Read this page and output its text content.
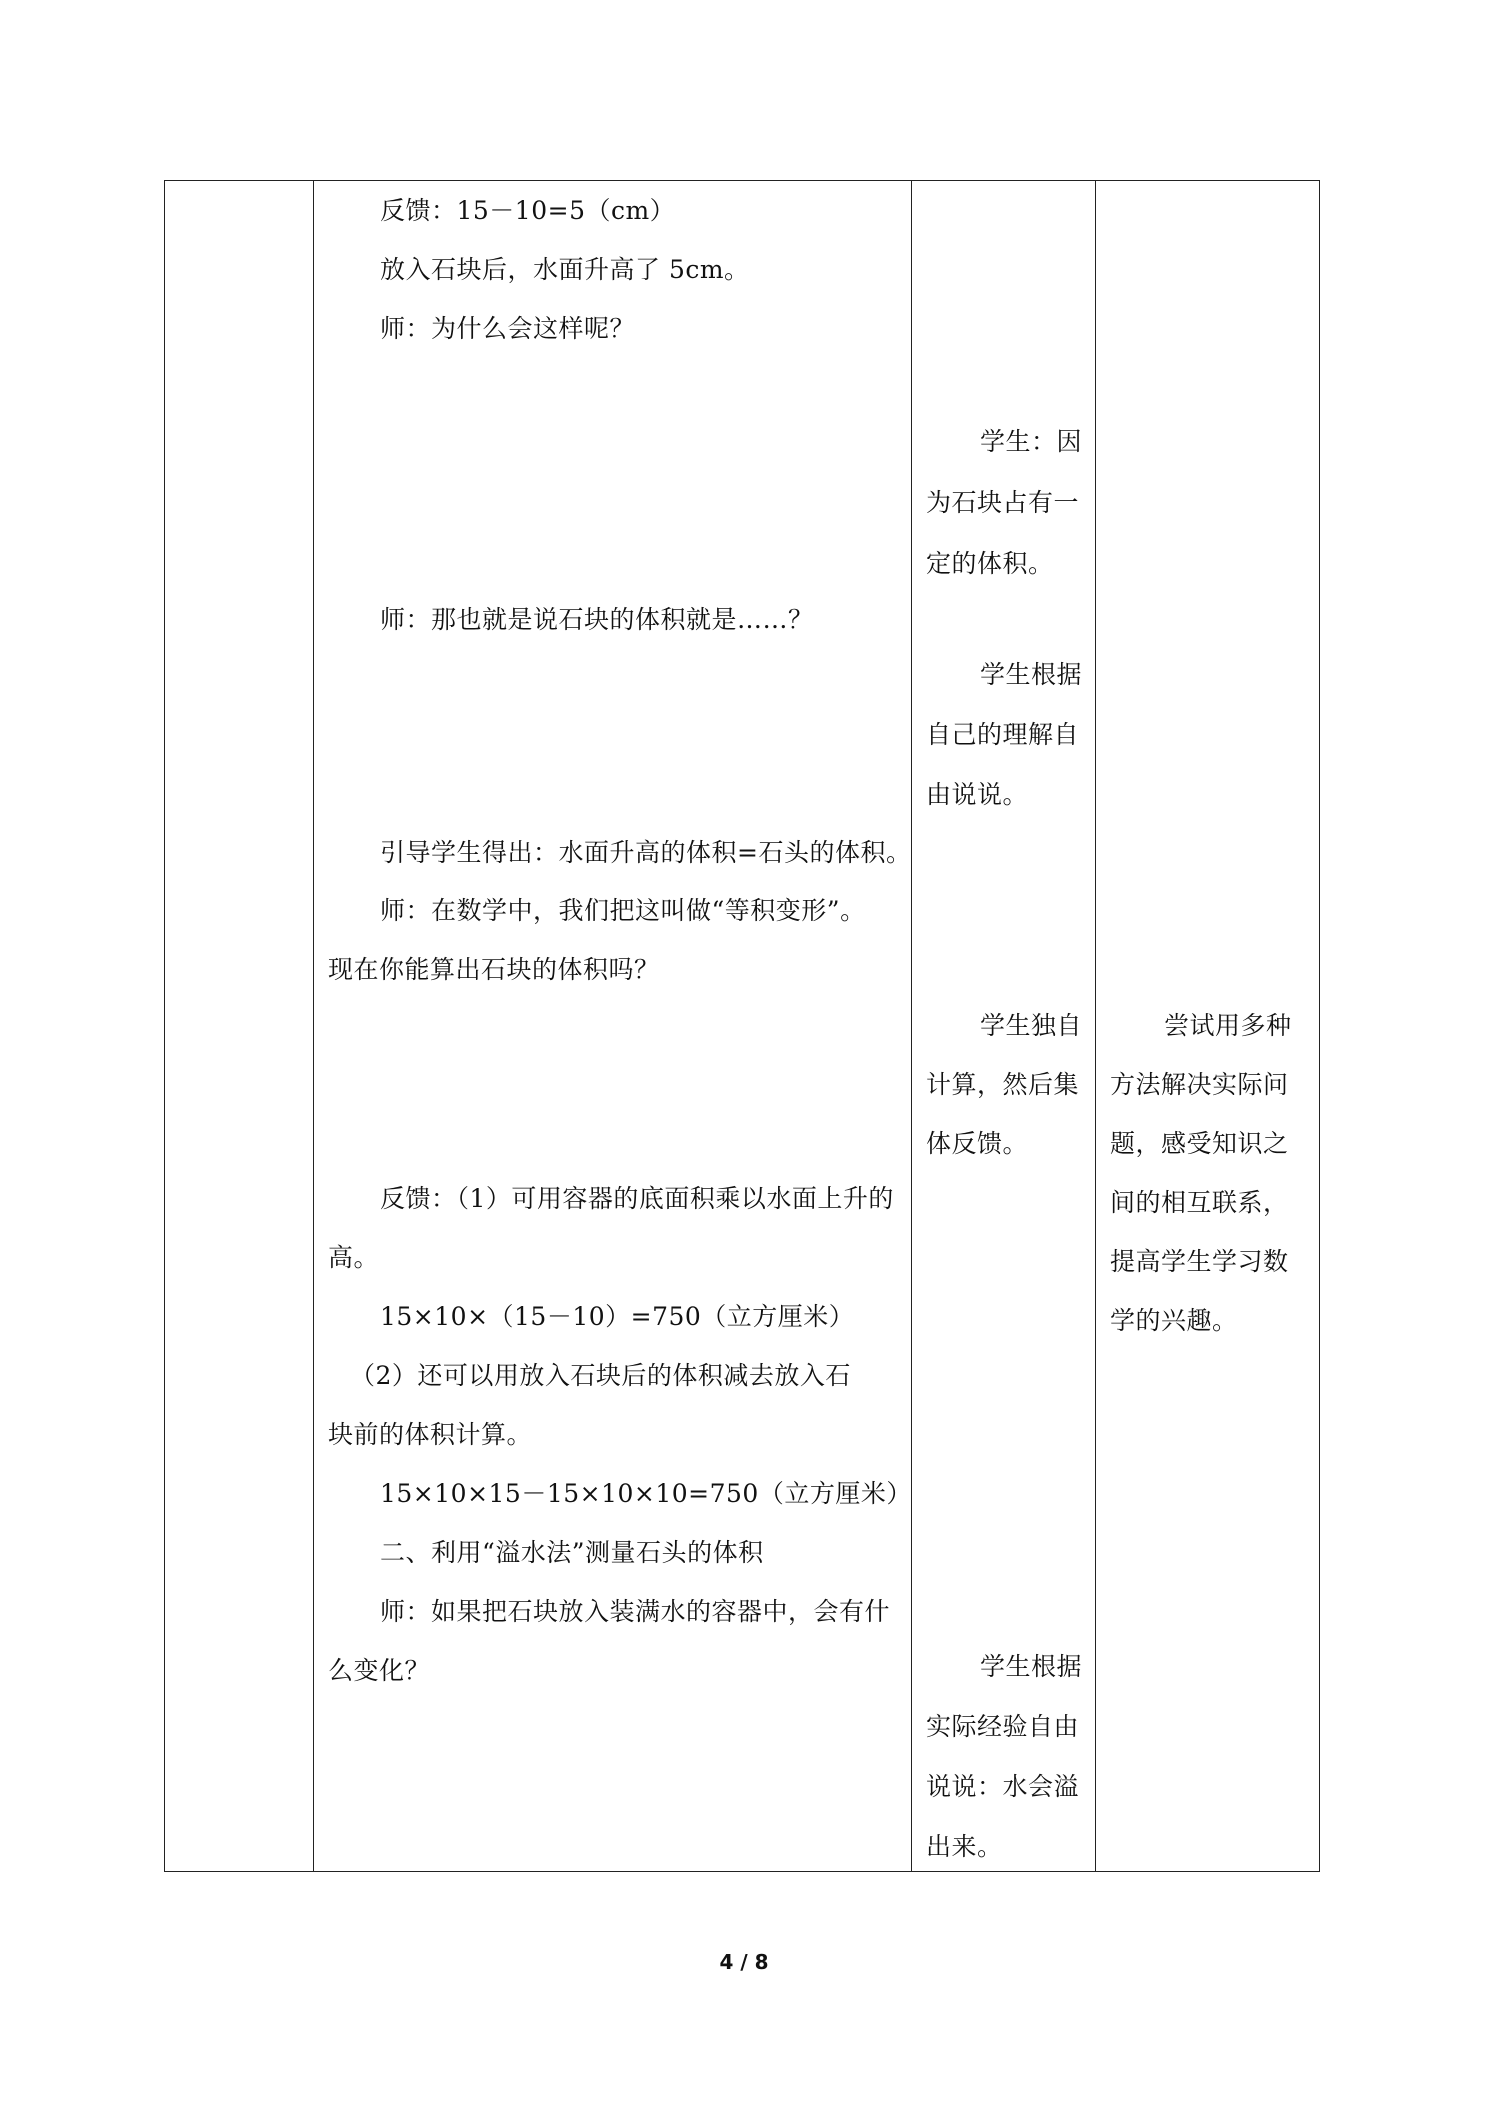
反馈：15－10=5（cm）
放入石块后，水面升高了 5cm。
师：为什么会这样呢？
师：那也就是说石块的体积就是……？
引导学生得出：水面升高的体积=石头的体积。
师：在数学中，我们把这叫做“等积变形”。
现在你能算出石块的体积吗？
反馈：（1）可用容器的底面积乘以水面上升的
高。
15×10×（15－10）=750（立方厘米）
（2）还可以用放入石块后的体积减去放入石
块前的体积计算。
15×10×15－15×10×10=750（立方厘米）
二、利用“溢水法”测量石头的体积
师：如果把石块放入装满水的容器中，会有什
么变化？
学生：因
为石块占有一
定的体积。
学生根据
自己的理解自
由说说。
学生独自
计算，然后集
体反馈。
学生根据
实际经验自由
说说：水会溢
出来。
尝试用多种
方法解决实际问
题，感受知识之
间的相互联系，
提高学生学习数
学的兴趣。
4 / 8
